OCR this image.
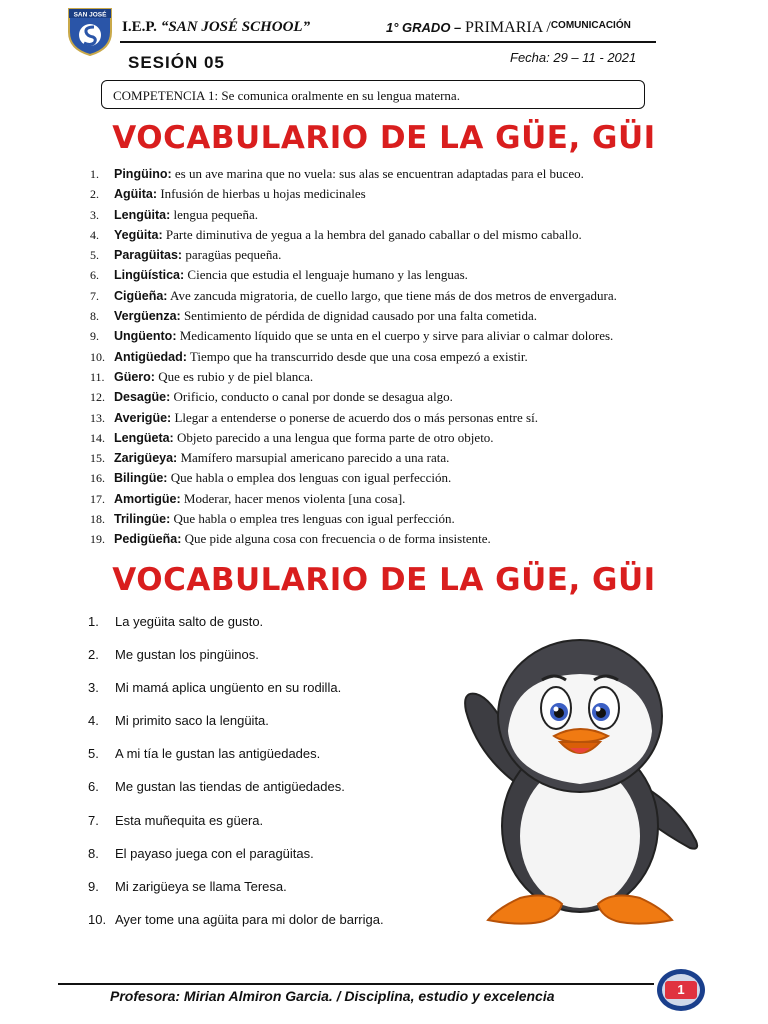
SAN JOSÉ
I.E.P. “SAN JOSÉ SCHOOL”	1° GRADO – PRIMARIA /$^{COMUNICACIÓN}$
SESIÓN 05	Fecha: 29 – 11 - 2021
COMPETENCIA 1: Se comunica oralmente en su lengua materna.
VOCABULARIO DE LA GÜE, GÜI
1. Pingüino: es un ave marina que no vuela: sus alas se encuentran adaptadas para el buceo.
2. Agüita: Infusión de hierbas u hojas medicinales
3. Lengüita: lengua pequeña.
4. Yegüita: Parte diminutiva de yegua a la hembra del ganado caballar o del mismo caballo.
5. Paragüitas: paragüas pequeña.
6. Lingüística: Ciencia que estudia el lenguaje humano y las lenguas.
7. Cigüeña: Ave zancuda migratoria, de cuello largo, que tiene más de dos metros de envergadura.
8. Vergüenza: Sentimiento de pérdida de dignidad causado por una falta cometida.
9. Ungüento: Medicamento líquido que se unta en el cuerpo y sirve para aliviar o calmar dolores.
10. Antigüedad: Tiempo que ha transcurrido desde que una cosa empezó a existir.
11. Güero: Que es rubio y de piel blanca.
12. Desagüe: Orificio, conducto o canal por donde se desagua algo.
13. Averigüe: Llegar a entenderse o ponerse de acuerdo dos o más personas entre sí.
14. Lengüeta: Objeto parecido a una lengua que forma parte de otro objeto.
15. Zarigüeya: Mamífero marsupial americano parecido a una rata.
16. Bilingüe: Que habla o emplea dos lenguas con igual perfección.
17. Amortigüe: Moderar, hacer menos violenta [una cosa].
18. Trilingüe: Que habla o emplea tres lenguas con igual perfección.
19. Pedigüeña: Que pide alguna cosa con frecuencia o de forma insistente.
VOCABULARIO DE LA GÜE, GÜI
1. La yegüita salto de gusto.
2. Me gustan los pingüinos.
3. Mi mamá aplica ungüento en su rodilla.
4. Mi primito saco la lengüita.
5. A mi tía le gustan las antigüedades.
6. Me gustan las tiendas de antigüedades.
7. Esta muñequita es güera.
8. El payaso juega con el paragüitas.
9. Mi zarigüeya se llama Teresa.
10. Ayer tome una agüita para mi dolor de barriga.
Profesora: Mirian Almiron Garcia. / Disciplina, estudio y excelencia	1
